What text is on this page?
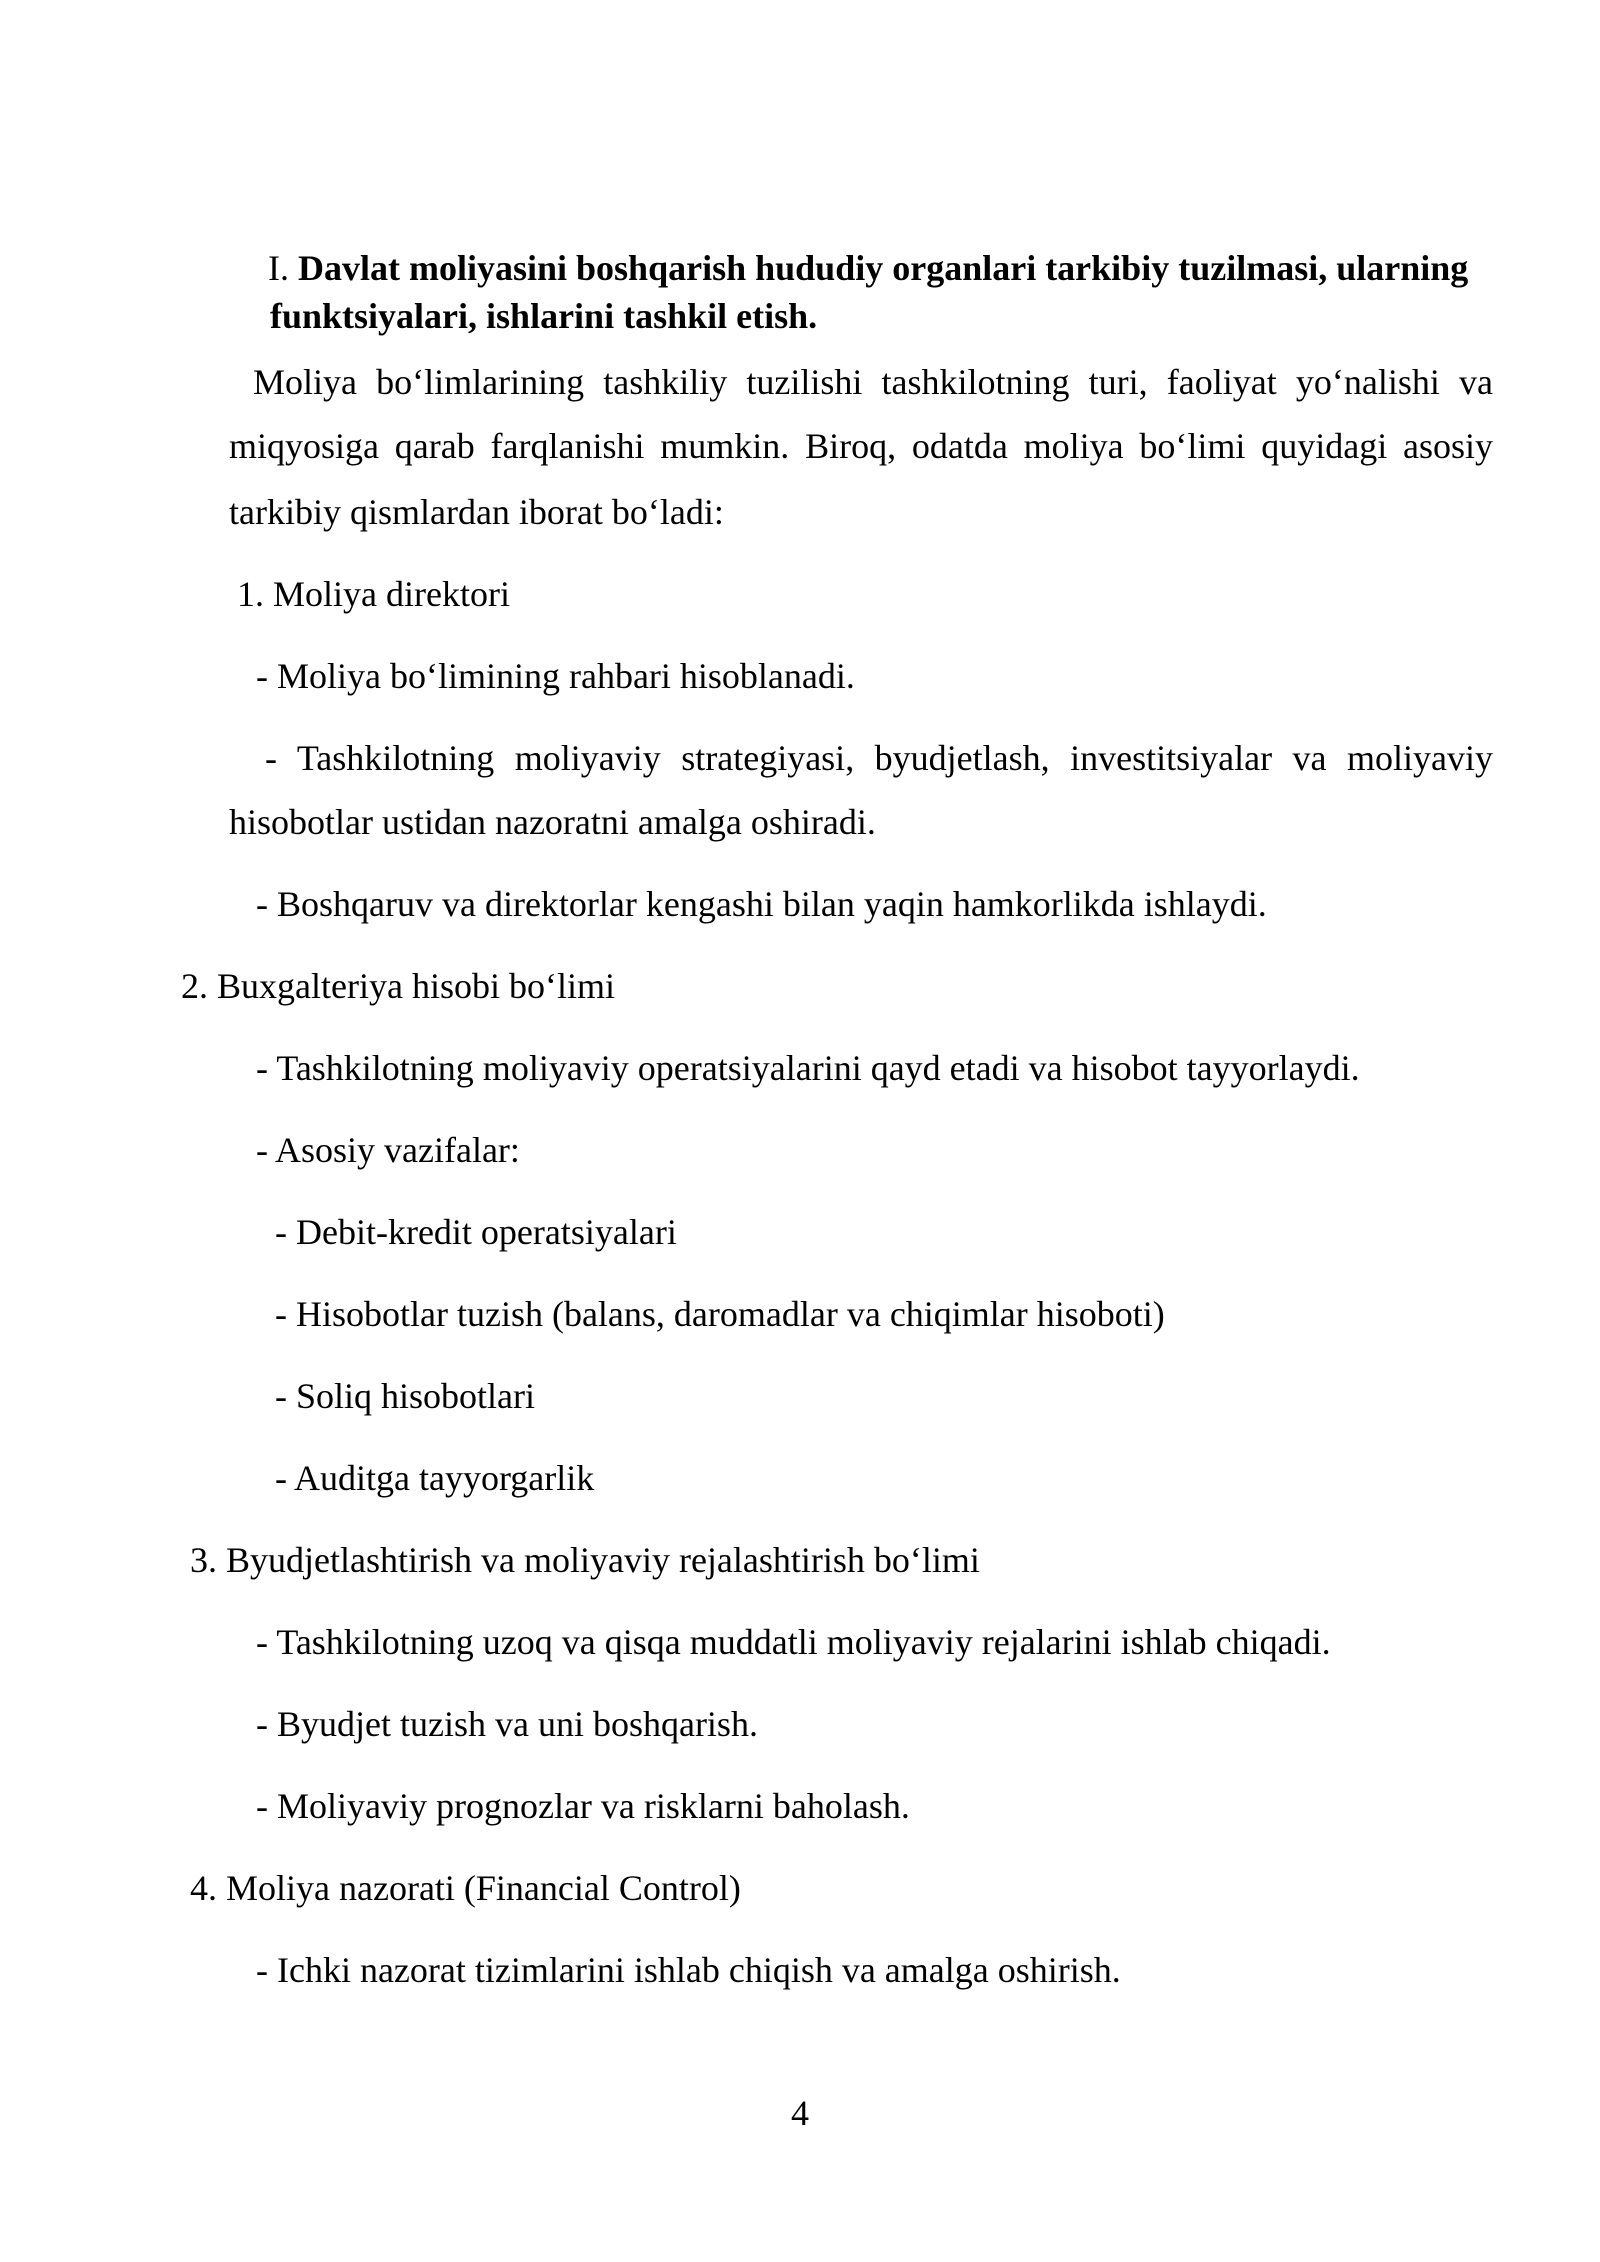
I. Davlat moliyasini boshqarish hududiy organlari tarkibiy tuzilmasi, ularning
funktsiyalari, ishlarini tashkil etish.
Moliya bo‘limlarining tashkiliy tuzilishi tashkilotning turi, faoliyat yo‘nalishi va
miqyosiga qarab farqlanishi mumkin. Biroq, odatda moliya bo‘limi quyidagi asosiy
tarkibiy qismlardan iborat bo‘ladi:
1. Moliya direktori
- Moliya bo‘limining rahbari hisoblanadi.
- Tashkilotning moliyaviy strategiyasi, byudjetlash, investitsiyalar va moliyaviy
hisobotlar ustidan nazoratni amalga oshiradi.
- Boshqaruv va direktorlar kengashi bilan yaqin hamkorlikda ishlaydi.
2. Buxgalteriya hisobi bo‘limi
- Tashkilotning moliyaviy operatsiyalarini qayd etadi va hisobot tayyorlaydi.
- Asosiy vazifalar:
- Debit-kredit operatsiyalari
- Hisobotlar tuzish (balans, daromadlar va chiqimlar hisoboti)
- Soliq hisobotlari
- Auditga tayyorgarlik
3. Byudjetlashtirish va moliyaviy rejalashtirish bo‘limi
- Tashkilotning uzoq va qisqa muddatli moliyaviy rejalarini ishlab chiqadi.
- Byudjet tuzish va uni boshqarish.
- Moliyaviy prognozlar va risklarni baholash.
4. Moliya nazorati (Financial Control)
- Ichki nazorat tizimlarini ishlab chiqish va amalga oshirish.
4
